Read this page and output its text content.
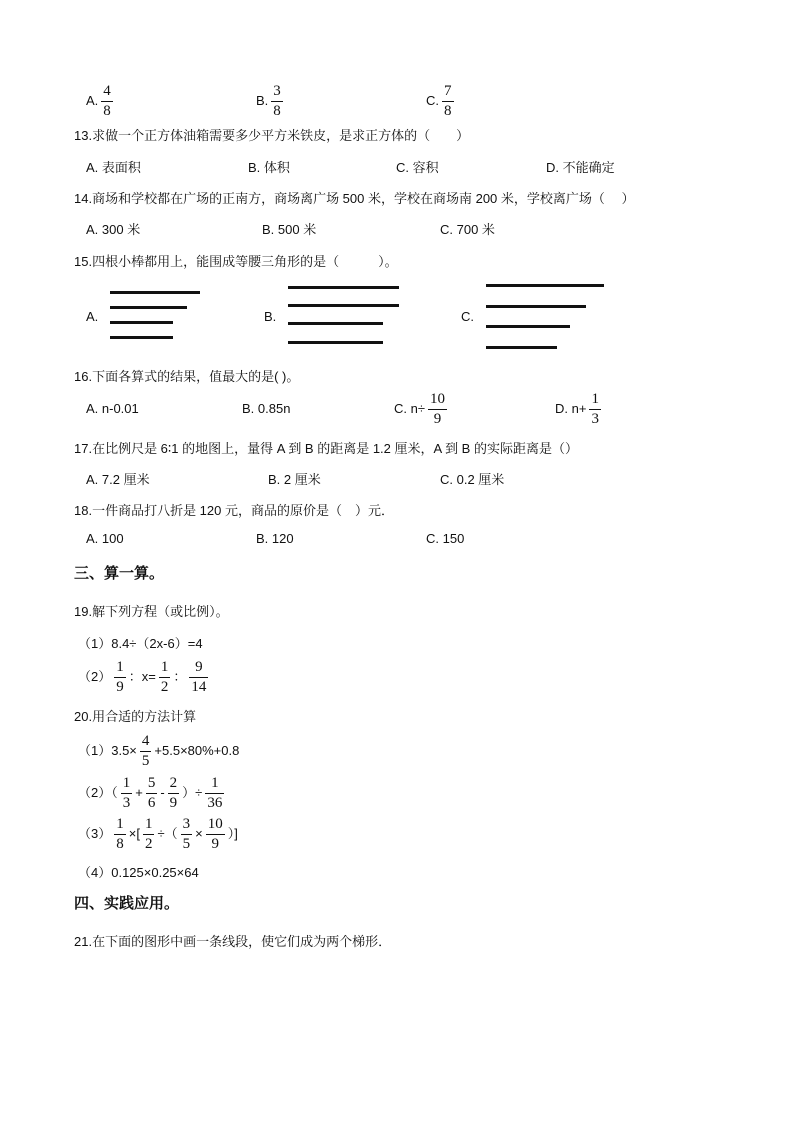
A. $\frac{4}{8}$	B. $\frac{3}{8}$	C. $\frac{7}{8}$
13.求做一个正方体油箱需要多少平方米铁皮，是求正方体的（　　）
A. 表面积	B. 体积	C. 容积	D. 不能确定
14.商场和学校都在广场的正南方，商场离广场 500 米，学校在商场南 200 米，学校离广场（　 ）
A. 300 米	B. 500 米	C. 700 米
15.四根小棒都用上，能围成等腰三角形的是（　　　）。
A.	B.	C.
16.下面各算式的结果，值最大的是( )。
A. n-0.01	B. 0.85n	C. $n\div \frac{10}{9}$	D. $n+ \frac{1}{3}$
17.在比例尺是 6∶1 的地图上，量得 A 到 B 的距离是 1.2 厘米，A 到 B 的实际距离是（）
A. 7.2 厘米	B. 2 厘米	C. 0.2 厘米
18.一件商品打八折是 120 元，商品的原价是（　）元．
A. 100	B. 120	C. 150
三、算一算。
19.解下列方程（或比例）。
（1）8.4÷（2x-6）=4
$(2) \frac{1}{9}$ ：$x= \frac{1}{2}$ ： $\frac{9}{14}$
20.用合适的方法计算
$(1)3.5\times \frac{4}{5} +5.5\times 80\%+0.8$
$(2)( \frac{1}{3} + \frac{5}{6} - \frac{2}{9}$ ）÷ $\frac{1}{36}$
$(3) \frac{1}{8}$ ×[ $\frac{1}{2}$ ÷（ $\frac{3}{5} \times \frac{10}{9}$ ）]
（4）0.125×0.25×64
四、实践应用。
21.在下面的图形中画一条线段，使它们成为两个梯形．
